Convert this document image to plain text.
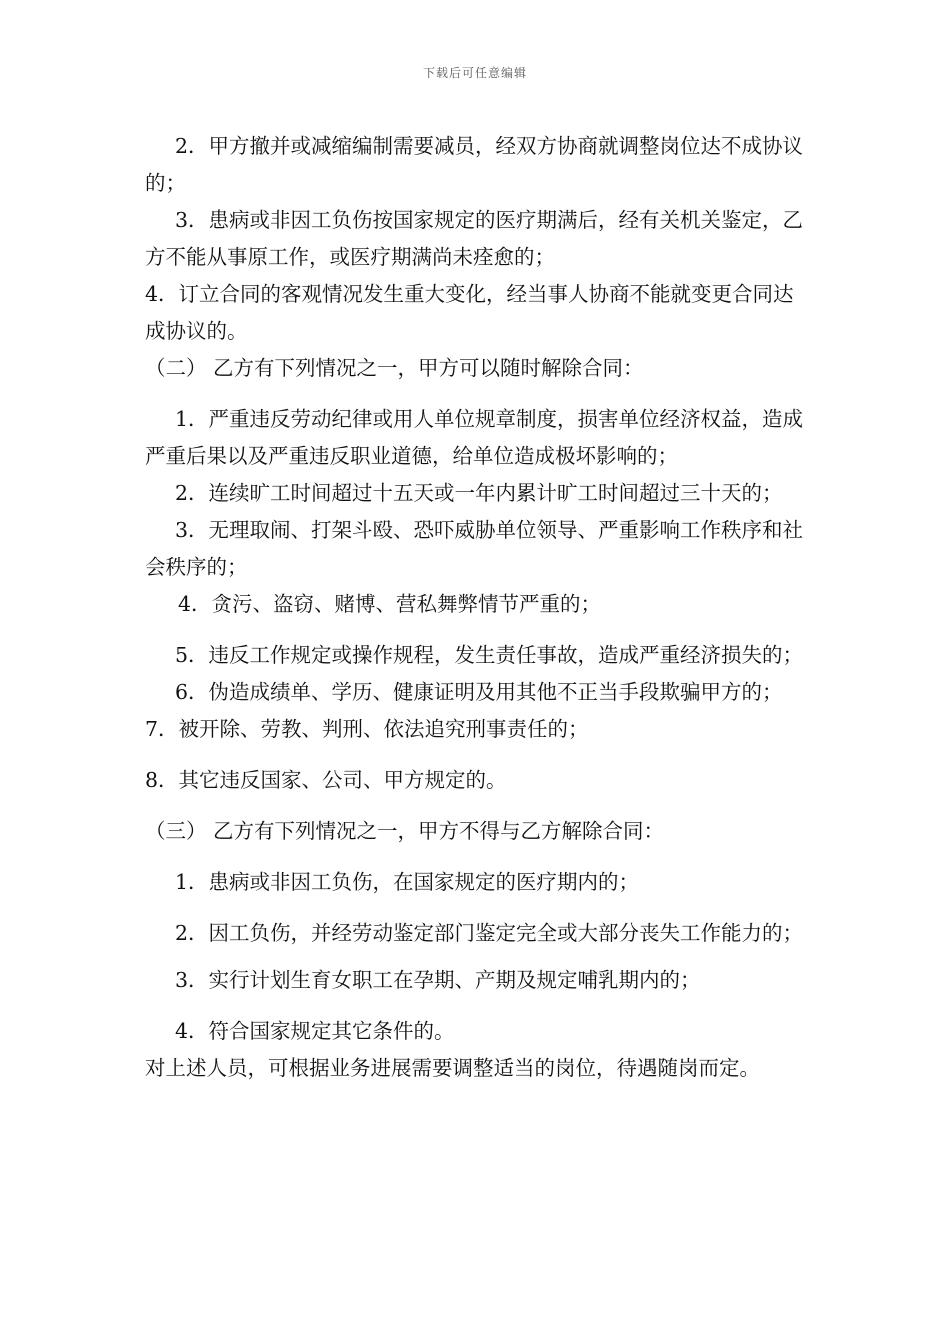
下载后可任意编辑

2．甲方撤并或减缩编制需要减员，经双方协商就调整岗位达不成协议的；

3．患病或非因工负伤按国家规定的医疗期满后，经有关机关鉴定，乙方不能从事原工作，或医疗期满尚未痊愈的；

4．订立合同的客观情况发生重大变化，经当事人协商不能就变更合同达成协议的。

（二） 乙方有下列情况之一，甲方可以随时解除合同：

1．严重违反劳动纪律或用人单位规章制度，损害单位经济权益，造成严重后果以及严重违反职业道德，给单位造成极坏影响的；

2．连续旷工时间超过十五天或一年内累计旷工时间超过三十天的；

3．无理取闹、打架斗殴、恐吓威胁单位领导、严重影响工作秩序和社会秩序的；

4．贪污、盗窃、赌博、营私舞弊情节严重的；

5．违反工作规定或操作规程，发生责任事故，造成严重经济损失的；

6．伪造成绩单、学历、健康证明及用其他不正当手段欺骗甲方的；

7．被开除、劳教、判刑、依法追究刑事责任的；

8．其它违反国家、公司、甲方规定的。

（三） 乙方有下列情况之一，甲方不得与乙方解除合同：

1．患病或非因工负伤，在国家规定的医疗期内的；

2．因工负伤，并经劳动鉴定部门鉴定完全或大部分丧失工作能力的；

3．实行计划生育女职工在孕期、产期及规定哺乳期内的；

4．符合国家规定其它条件的。

对上述人员，可根据业务进展需要调整适当的岗位，待遇随岗而定。
